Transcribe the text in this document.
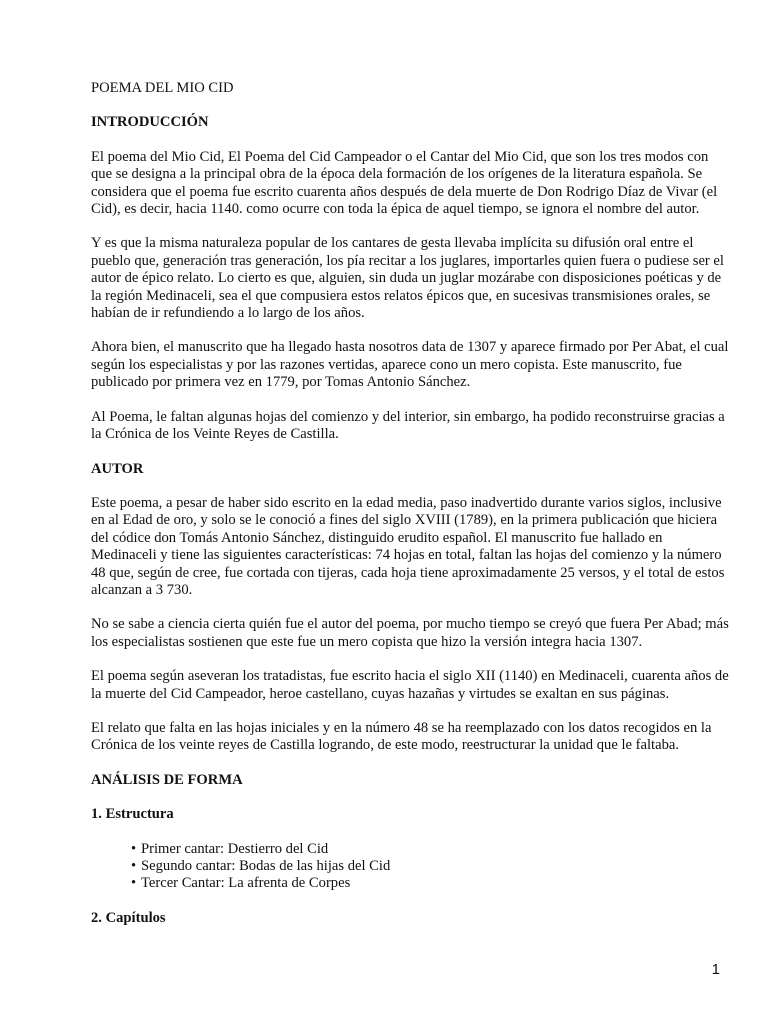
POEMA DEL MIO CID

INTRODUCCIÓN

El poema del Mio Cid, El Poema del Cid Campeador o el Cantar del Mio Cid, que son los tres modos con que se designa a la principal obra de la época dela formación de los orígenes de la literatura española. Se considera que el poema fue escrito cuarenta años después de dela muerte de Don Rodrigo Díaz de Vivar (el Cid), es decir, hacia 1140. como ocurre con toda la épica de aquel tiempo, se ignora el nombre del autor.

Y es que la misma naturaleza popular de los cantares de gesta llevaba implícita su difusión oral entre el pueblo que, generación tras generación, los pía recitar a los juglares, importarles quien fuera o pudiese ser el autor de épico relato. Lo cierto es que, alguien, sin duda un juglar mozárabe con disposiciones poéticas y de la región Medinaceli, sea el que compusiera estos relatos épicos que, en sucesivas transmisiones orales, se habían de ir refundiendo a lo largo de los años.

Ahora bien, el manuscrito que ha llegado hasta nosotros data de 1307 y aparece firmado por Per Abat, el cual según los especialistas y por las razones vertidas, aparece cono un mero copista. Este manuscrito, fue publicado por primera vez en 1779, por Tomas Antonio Sánchez.

Al Poema, le faltan algunas hojas del comienzo y del interior, sin embargo, ha podido reconstruirse gracias a la Crónica de los Veinte Reyes de Castilla.

AUTOR

Este poema, a pesar de haber sido escrito en la edad media, paso inadvertido durante varios siglos, inclusive en al Edad de oro, y solo se le conoció a fines del siglo XVIII (1789), en la primera publicación que hiciera del códice don Tomás Antonio Sánchez, distinguido erudito español. El manuscrito fue hallado en Medinaceli y tiene las siguientes características: 74 hojas en total, faltan las hojas del comienzo y la número 48 que, según de cree, fue cortada con tijeras, cada hoja tiene aproximadamente 25 versos, y el total de estos alcanzan a 3 730.

No se sabe a ciencia cierta quién fue el autor del poema, por mucho tiempo se creyó que fuera Per Abad; más los especialistas sostienen que este fue un mero copista que hizo la versión integra hacia 1307.

El poema según aseveran los tratadistas, fue escrito hacia el siglo XII (1140) en Medinaceli, cuarenta años de la muerte del Cid Campeador, heroe castellano, cuyas hazañas y virtudes se exaltan en sus páginas.

El relato que falta en las hojas iniciales y en la número 48 se ha reemplazado con los datos recogidos en la Crónica de los veinte reyes de Castilla logrando, de este modo, reestructurar la unidad que le faltaba.

ANÁLISIS DE FORMA

1. Estructura

• Primer cantar: Destierro del Cid
• Segundo cantar: Bodas de las hijas del Cid
• Tercer Cantar: La afrenta de Corpes

2. Capítulos

1
